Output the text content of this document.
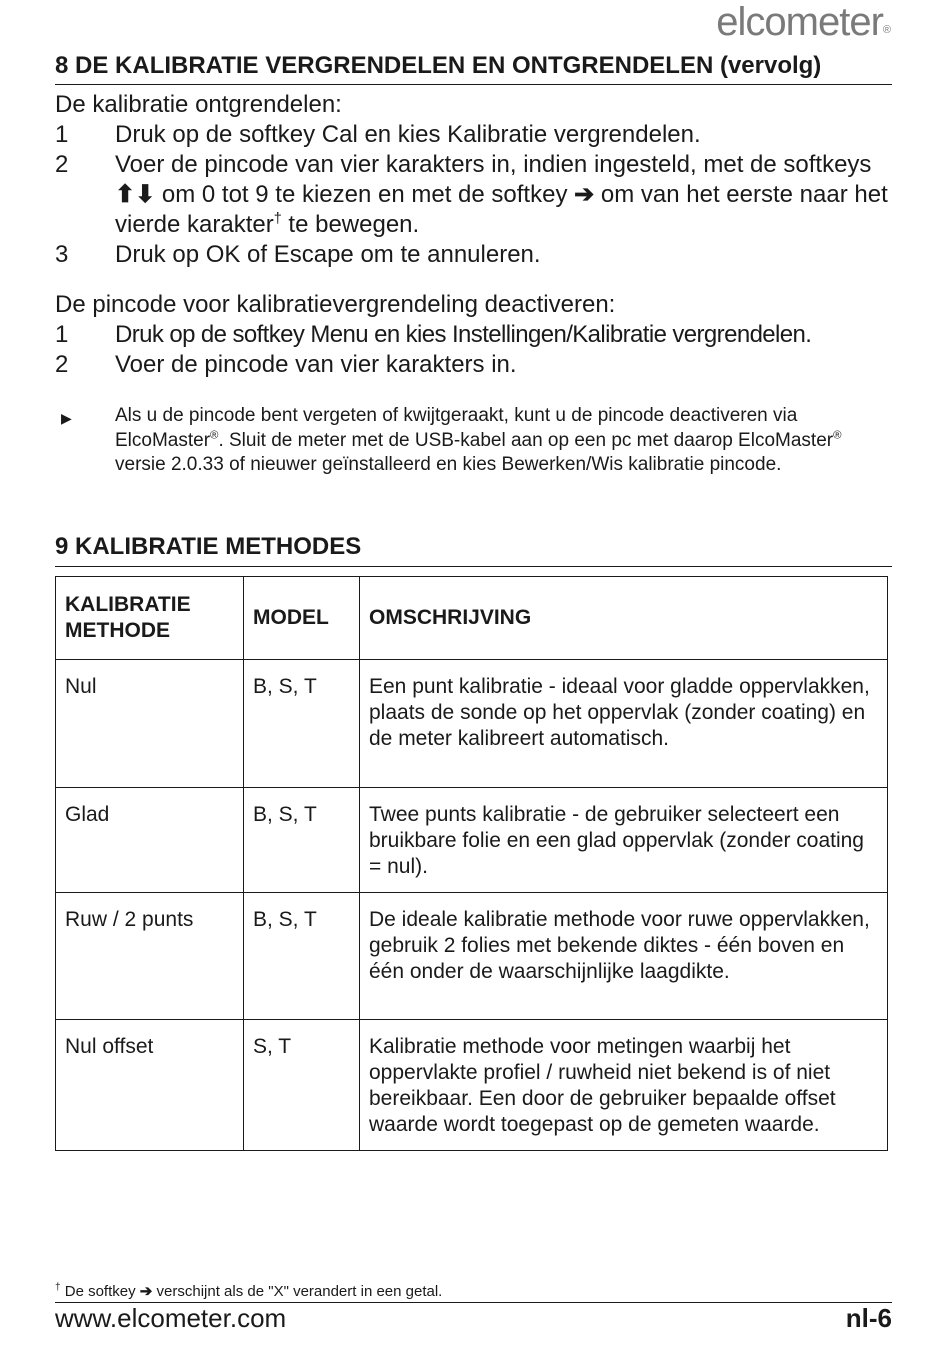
elcometer®
8 DE KALIBRATIE VERGRENDELEN EN ONTGRENDELEN (vervolg)
De kalibratie ontgrendelen:
1 Druk op de softkey Cal en kies Kalibratie vergrendelen.
2 Voer de pincode van vier karakters in, indien ingesteld, met de softkeys ⬆⬇ om 0 tot 9 te kiezen en met de softkey ➔ om van het eerste naar het vierde karakter† te bewegen.
3 Druk op OK of Escape om te annuleren.
De pincode voor kalibratievergrendeling deactiveren:
1 Druk op de softkey Menu en kies Instellingen/Kalibratie vergrendelen.
2 Voer de pincode van vier karakters in.
▶	Als u de pincode bent vergeten of kwijtgeraakt, kunt u de pincode deactiveren via ElcoMaster®. Sluit de meter met de USB-kabel aan op een pc met daarop ElcoMaster® versie 2.0.33 of nieuwer geïnstalleerd en kies Bewerken/Wis kalibratie pincode.
9 KALIBRATIE METHODES
KALIBRATIE METHODE	MODEL	OMSCHRIJVING
Nul	B, S, T	Een punt kalibratie - ideaal voor gladde oppervlakken, plaats de sonde op het oppervlak (zonder coating) en de meter kalibreert automatisch.
Glad	B, S, T	Twee punts kalibratie - de gebruiker selecteert een bruikbare folie en een glad oppervlak (zonder coating = nul).
Ruw / 2 punts	B, S, T	De ideale kalibratie methode voor ruwe oppervlakken, gebruik 2 folies met bekende diktes - één boven en één onder de waarschijnlijke laagdikte.
Nul offset	S, T	Kalibratie methode voor metingen waarbij het oppervlakte profiel / ruwheid niet bekend is of niet bereikbaar. Een door de gebruiker bepaalde offset waarde wordt toegepast op de gemeten waarde.
† De softkey ➔ verschijnt als de "X" verandert in een getal.
www.elcometer.com	nl-6
